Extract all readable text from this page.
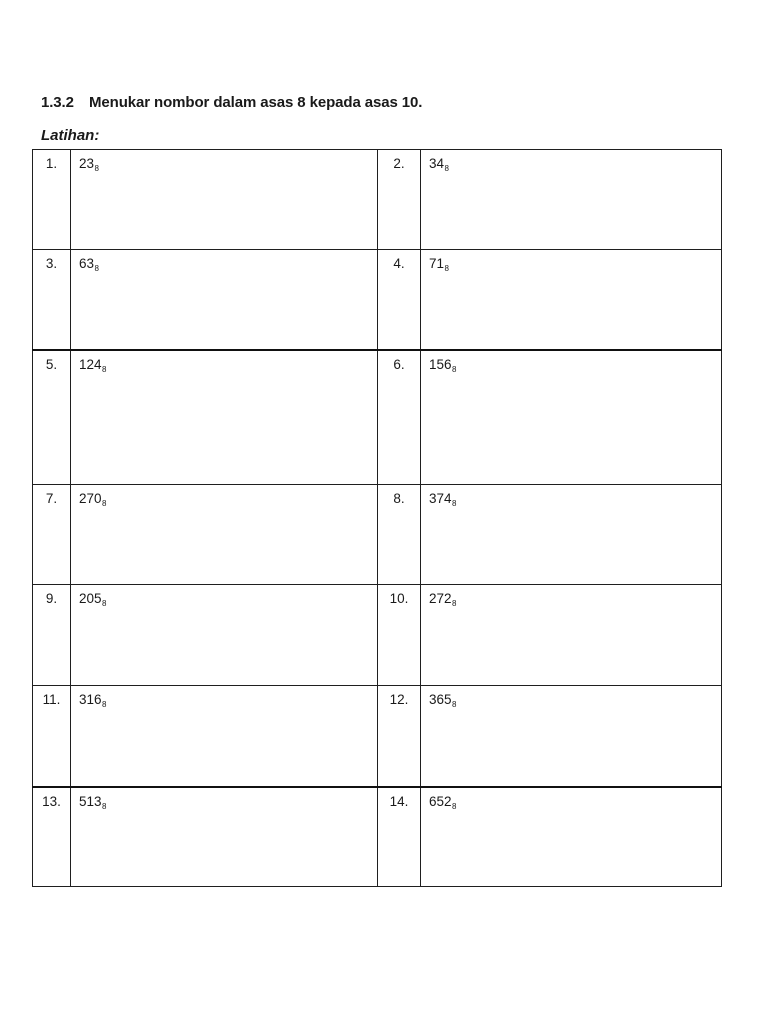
1.3.2 Menukar nombor dalam asas 8 kepada asas 10.
Latihan:
1.	$23_8$	2.	$34_8$
3.	$63_8$	4.	$71_8$
5.	$124_8$	6.	$156_8$
7.	$270_8$	8.	$374_8$
9.	$205_8$	10.	$272_8$
11.	$316_8$	12.	$365_8$
13.	$513_8$	14.	$652_8$
